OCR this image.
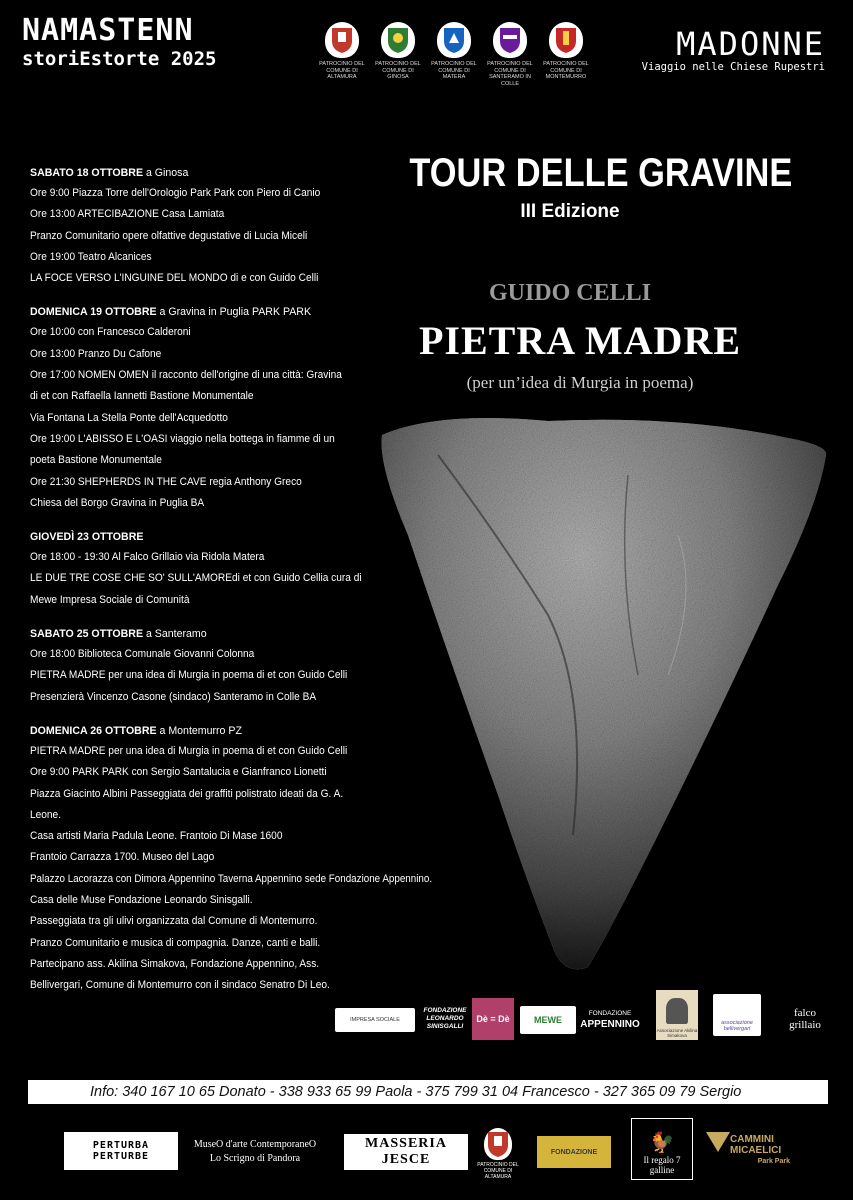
NAMASTENN
storiEstorte 2025	PATROCINIO DEL COMUNE DI ALTAMURA
PATROCINIO DEL COMUNE DI GINOSA
PATROCINIO DEL COMUNE DI MATERA
PATROCINIO DEL COMUNE DI SANTERAMO IN COLLE
PATROCINIO DEL COMUNE DI MONTEMURRO
MADONNE
Viaggio nelle Chiese Rupestri
SABATO 18 OTTOBRE a Ginosa
Ore 9:00 Piazza Torre dell'Orologio Park Park con Piero di Canio
Ore 13:00 ARTECIBAZIONE Casa Lamiata
Pranzo Comunitario opere olfattive degustative di Lucia Miceli
Ore 19:00 Teatro Alcanices
LA FOCE VERSO L'INGUINE DEL MONDO di e con Guido Celli
DOMENICA 19 OTTOBRE a Gravina in Puglia PARK PARK
Ore 10:00 con Francesco Calderoni
Ore 13:00 Pranzo Du Cafone
Ore 17:00 NOMEN OMEN il racconto dell'origine di una città: Gravina
di et con Raffaella Iannetti Bastione Monumentale
Via Fontana La Stella Ponte dell'Acquedotto
Ore 19:00 L'ABISSO E L'OASI viaggio nella bottega in fiamme di un
poeta Bastione Monumentale
Ore 21:30 SHEPHERDS IN THE CAVE regia Anthony Greco
Chiesa del Borgo Gravina in Puglia BA
GIOVEDÌ 23 OTTOBRE
Ore 18:00 - 19:30 Al Falco Grillaio via Ridola Matera
LE DUE TRE COSE CHE SO' SULL'AMOREdi et con Guido Cellia cura di
Mewe Impresa Sociale di Comunità
SABATO 25 OTTOBRE a Santeramo
Ore 18:00 Biblioteca Comunale Giovanni Colonna
PIETRA MADRE per una idea di Murgia in poema di et con Guido Celli
Presenzierà Vincenzo Casone (sindaco) Santeramo in Colle BA
DOMENICA 26 OTTOBRE a Montemurro PZ
PIETRA MADRE per una idea di Murgia in poema di et con Guido Celli
Ore 9:00 PARK PARK con Sergio Santalucia e Gianfranco Lionetti
Piazza Giacinto Albini Passeggiata dei graffiti polistrato ideati da G. A.
Leone.
Casa artisti Maria Padula Leone. Frantoio Di Mase 1600
Frantoio Carrazza 1700. Museo del Lago
Palazzo Lacorazza con Dimora Appennino Taverna Appennino sede Fondazione Appennino.
Casa delle Muse Fondazione Leonardo Sinisgalli.
Passeggiata tra gli ulivi organizzata dal Comune di Montemurro.
Pranzo Comunitario e musica di compagnia. Danze, canti e balli.
Partecipano ass. Akilina Simakova, Fondazione Appennino, Ass.
Bellivergari, Comune di Montemurro con il sindaco Senatro Di Leo.
TOUR DELLE GRAVINE
III Edizione
GUIDO CELLI
PIETRA MADRE
(per un’idea di Murgia in poema)
IMPRESA SOCIALE
FONDAZIONE LEONARDO SINISGALLI
Dè = Dè	MEWE
FONDAZIONE
APPENNINO
Associazione Akilina Simakova
associazione bellivergari
falco
grillaio
Info: 340 167 10 65 Donato - 338 933 65 99 Paola - 375 799 31 04 Francesco - 327 365 09 79 Sergio
PERTURBA PERTURBE
MuseO d'arte ContemporaneO
Lo Scrigno di Pandora
MASSERIA JESCE	PATROCINIO DEL COMUNE DI ALTAMURA
FONDAZIONE	🐓
Il regalo 7 galline
CAMMINI
MICAELICI
Park Park
